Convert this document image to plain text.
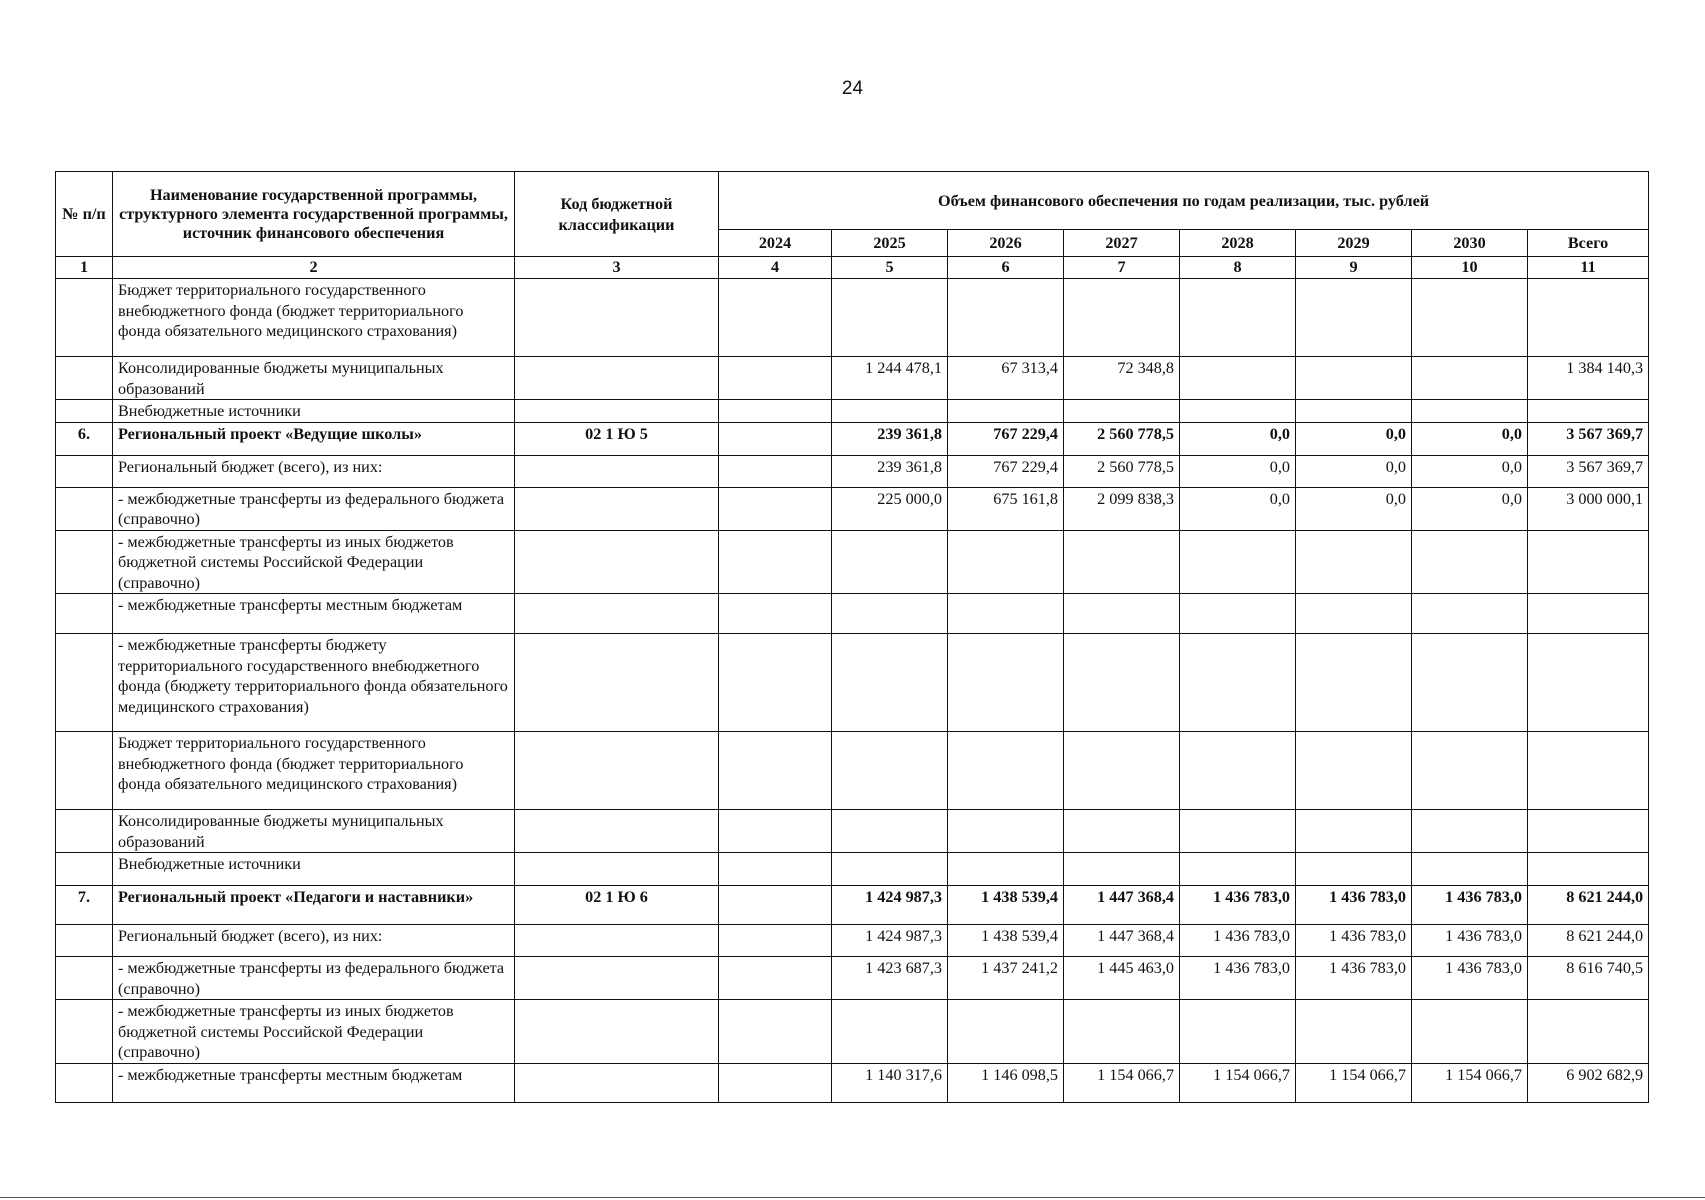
24
№ п/п	Наименование государственной программы, структурного элемента государственной программы, источник финансового обеспечения	Код бюджетной классификации	Объем финансового обеспечения по годам реализации, тыс. рублей							
			2024	2025	2026	2027	2028	2029	2030	Всего
1	2	3	4	5	6	7	8	9	10	11
	Бюджет территориального государственного внебюджетного фонда (бюджет территориального фонда обязательного медицинского страхования)									
	Консолидированные бюджеты муниципальных образований			1 244 478,1	67 313,4	72 348,8				1 384 140,3
	Внебюджетные источники									
6.	Региональный проект «Ведущие школы»	02 1 Ю 5		239 361,8	767 229,4	2 560 778,5	0,0	0,0	0,0	3 567 369,7
	Региональный бюджет (всего), из них:			239 361,8	767 229,4	2 560 778,5	0,0	0,0	0,0	3 567 369,7
	- межбюджетные трансферты из федерального бюджета (справочно)			225 000,0	675 161,8	2 099 838,3	0,0	0,0	0,0	3 000 000,1
	- межбюджетные трансферты из иных бюджетов бюджетной системы Российской Федерации (справочно)									
	- межбюджетные трансферты местным бюджетам									
	- межбюджетные трансферты бюджету территориального государственного внебюджетного фонда (бюджету территориального фонда обязательного медицинского страхования)									
	Бюджет территориального государственного внебюджетного фонда (бюджет территориального фонда обязательного медицинского страхования)									
	Консолидированные бюджеты муниципальных образований									
	Внебюджетные источники									
7.	Региональный проект «Педагоги и наставники»	02 1 Ю 6		1 424 987,3	1 438 539,4	1 447 368,4	1 436 783,0	1 436 783,0	1 436 783,0	8 621 244,0
	Региональный бюджет (всего), из них:			1 424 987,3	1 438 539,4	1 447 368,4	1 436 783,0	1 436 783,0	1 436 783,0	8 621 244,0
	- межбюджетные трансферты из федерального бюджета (справочно)			1 423 687,3	1 437 241,2	1 445 463,0	1 436 783,0	1 436 783,0	1 436 783,0	8 616 740,5
	- межбюджетные трансферты из иных бюджетов бюджетной системы Российской Федерации (справочно)									
	- межбюджетные трансферты местным бюджетам			1 140 317,6	1 146 098,5	1 154 066,7	1 154 066,7	1 154 066,7	1 154 066,7	6 902 682,9
